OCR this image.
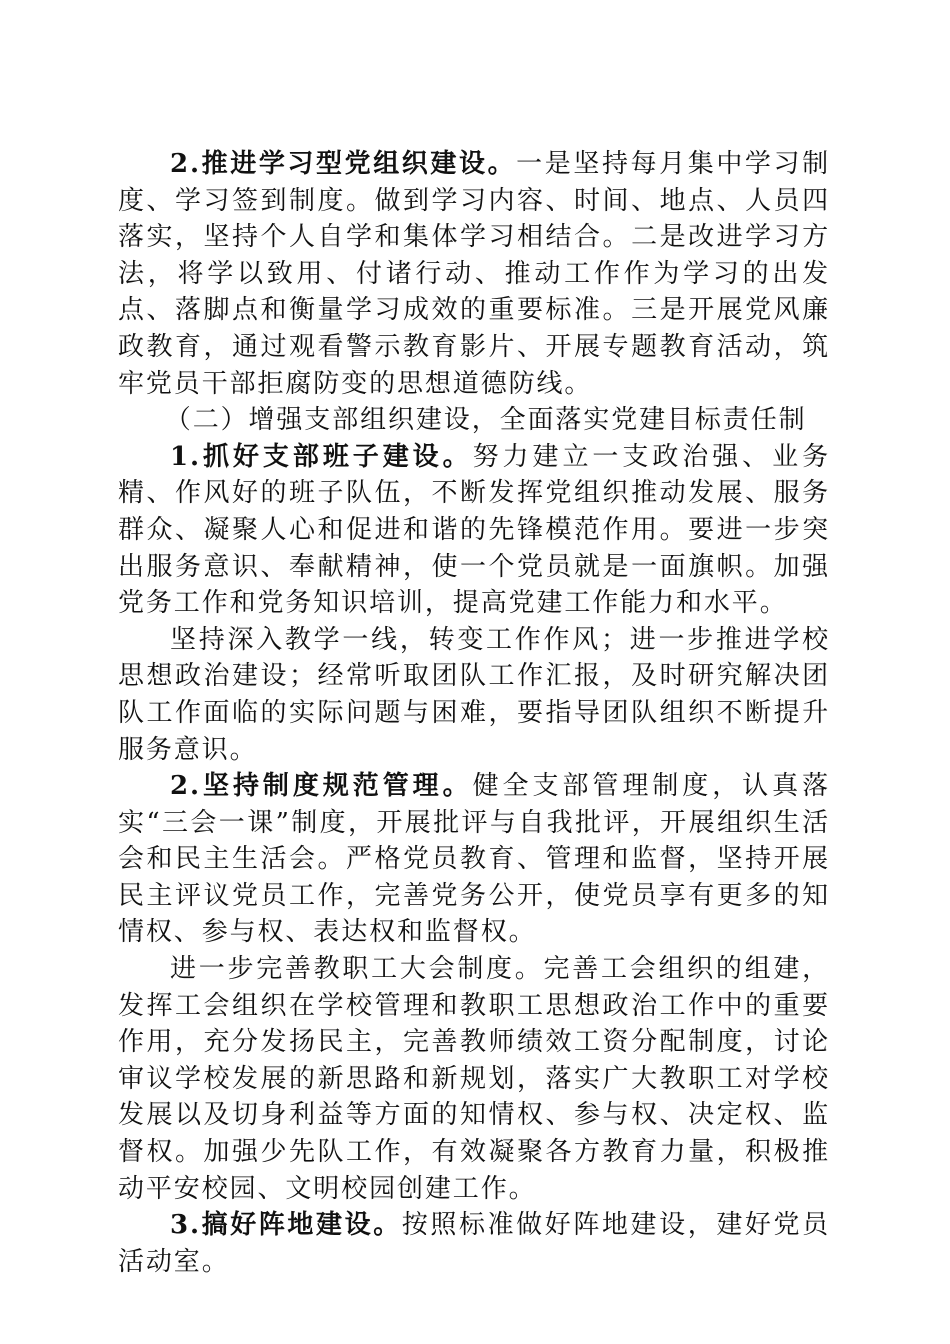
2.推进学习型党组织建设。一是坚持每月集中学习制度、学习签到制度。做到学习内容、时间、地点、人员四落实，坚持个人自学和集体学习相结合。二是改进学习方法，将学以致用、付诸行动、推动工作作为学习的出发点、落脚点和衡量学习成效的重要标准。三是开展党风廉政教育，通过观看警示教育影片、开展专题教育活动，筑牢党员干部拒腐防变的思想道德防线。

（二）增强支部组织建设，全面落实党建目标责任制

1.抓好支部班子建设。努力建立一支政治强、业务精、作风好的班子队伍，不断发挥党组织推动发展、服务群众、凝聚人心和促进和谐的先锋模范作用。要进一步突出服务意识、奉献精神，使一个党员就是一面旗帜。加强党务工作和党务知识培训，提高党建工作能力和水平。

坚持深入教学一线，转变工作作风；进一步推进学校思想政治建设；经常听取团队工作汇报，及时研究解决团队工作面临的实际问题与困难，要指导团队组织不断提升服务意识。

2.坚持制度规范管理。健全支部管理制度，认真落实“三会一课”制度，开展批评与自我批评，开展组织生活会和民主生活会。严格党员教育、管理和监督，坚持开展民主评议党员工作，完善党务公开，使党员享有更多的知情权、参与权、表达权和监督权。

进一步完善教职工大会制度。完善工会组织的组建，发挥工会组织在学校管理和教职工思想政治工作中的重要作用，充分发扬民主，完善教师绩效工资分配制度，讨论审议学校发展的新思路和新规划，落实广大教职工对学校发展以及切身利益等方面的知情权、参与权、决定权、监督权。加强少先队工作，有效凝聚各方教育力量，积极推动平安校园、文明校园创建工作。

3.搞好阵地建设。按照标准做好阵地建设，建好党员活动室。
